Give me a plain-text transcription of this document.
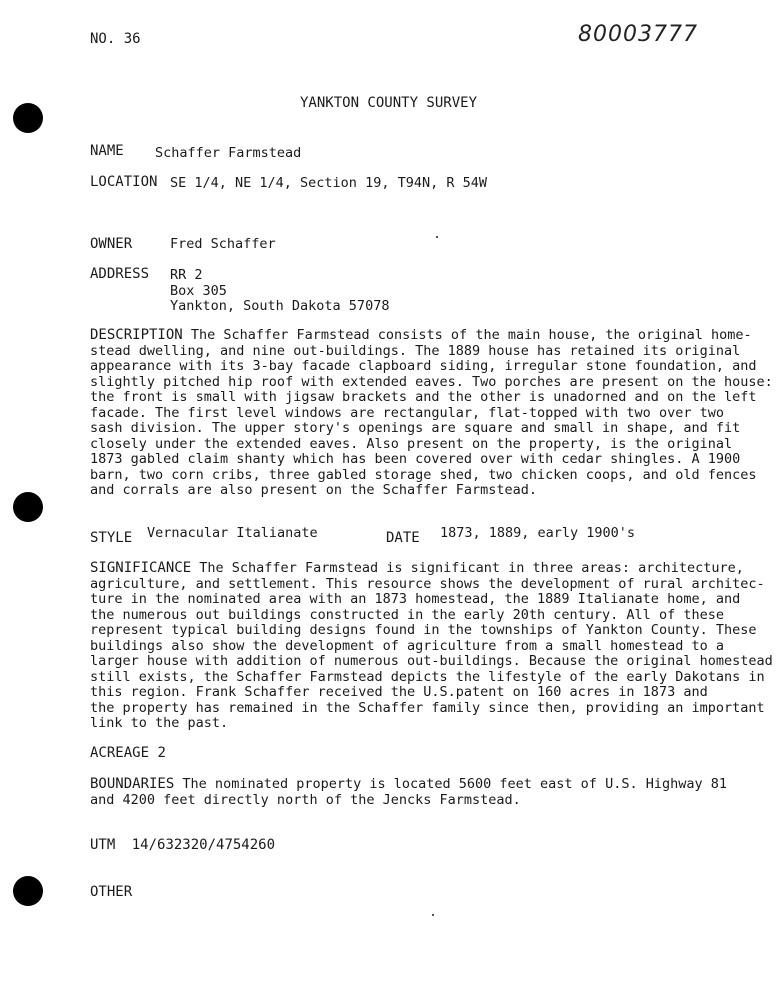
NO. 36	80003777
YANKTON COUNTY SURVEY
NAME Schaffer Farmstead
LOCATION SE 1/4, NE 1/4, Section 19, T94N, R 54W
OWNER	Fred Schaffer
ADDRESS RR 2
Box 305
Yankton, South Dakota 57078
DESCRIPTION The Schaffer Farmstead consists of the main house, the original home-
stead dwelling, and nine out-buildings. The 1889 house has retained its original
appearance with its 3-bay facade clapboard siding, irregular stone foundation, and
slightly pitched hip roof with extended eaves. Two porches are present on the house:
the front is small with jigsaw brackets and the other is unadorned and on the left
facade. The first level windows are rectangular, flat-topped with two over two
sash division. The upper story's openings are square and small in shape, and fit
closely under the extended eaves. Also present on the property, is the original
1873 gabled claim shanty which has been covered over with cedar shingles. A 1900
barn, two corn cribs, three gabled storage shed, two chicken coops, and old fences
and corrals are also present on the Schaffer Farmstead.
STYLE Vernacular Italianate	DATE 1873, 1889, early 1900's
SIGNIFICANCE The Schaffer Farmstead is significant in three areas: architecture,
agriculture, and settlement. This resource shows the development of rural architec-
ture in the nominated area with an 1873 homestead, the 1889 Italianate home, and
the numerous out buildings constructed in the early 20th century. All of these
represent typical building designs found in the townships of Yankton County. These
buildings also show the development of agriculture from a small homestead to a
larger house with addition of numerous out-buildings. Because the original homestead
still exists, the Schaffer Farmstead depicts the lifestyle of the early Dakotans in
this region. Frank Schaffer received the U.S.patent on 160 acres in 1873 and
the property has remained in the Schaffer family since then, providing an important
link to the past.
ACREAGE 2
BOUNDARIES The nominated property is located 5600 feet east of U.S. Highway 81
and 4200 feet directly north of the Jencks Farmstead.
UTM 14/632320/4754260
OTHER
